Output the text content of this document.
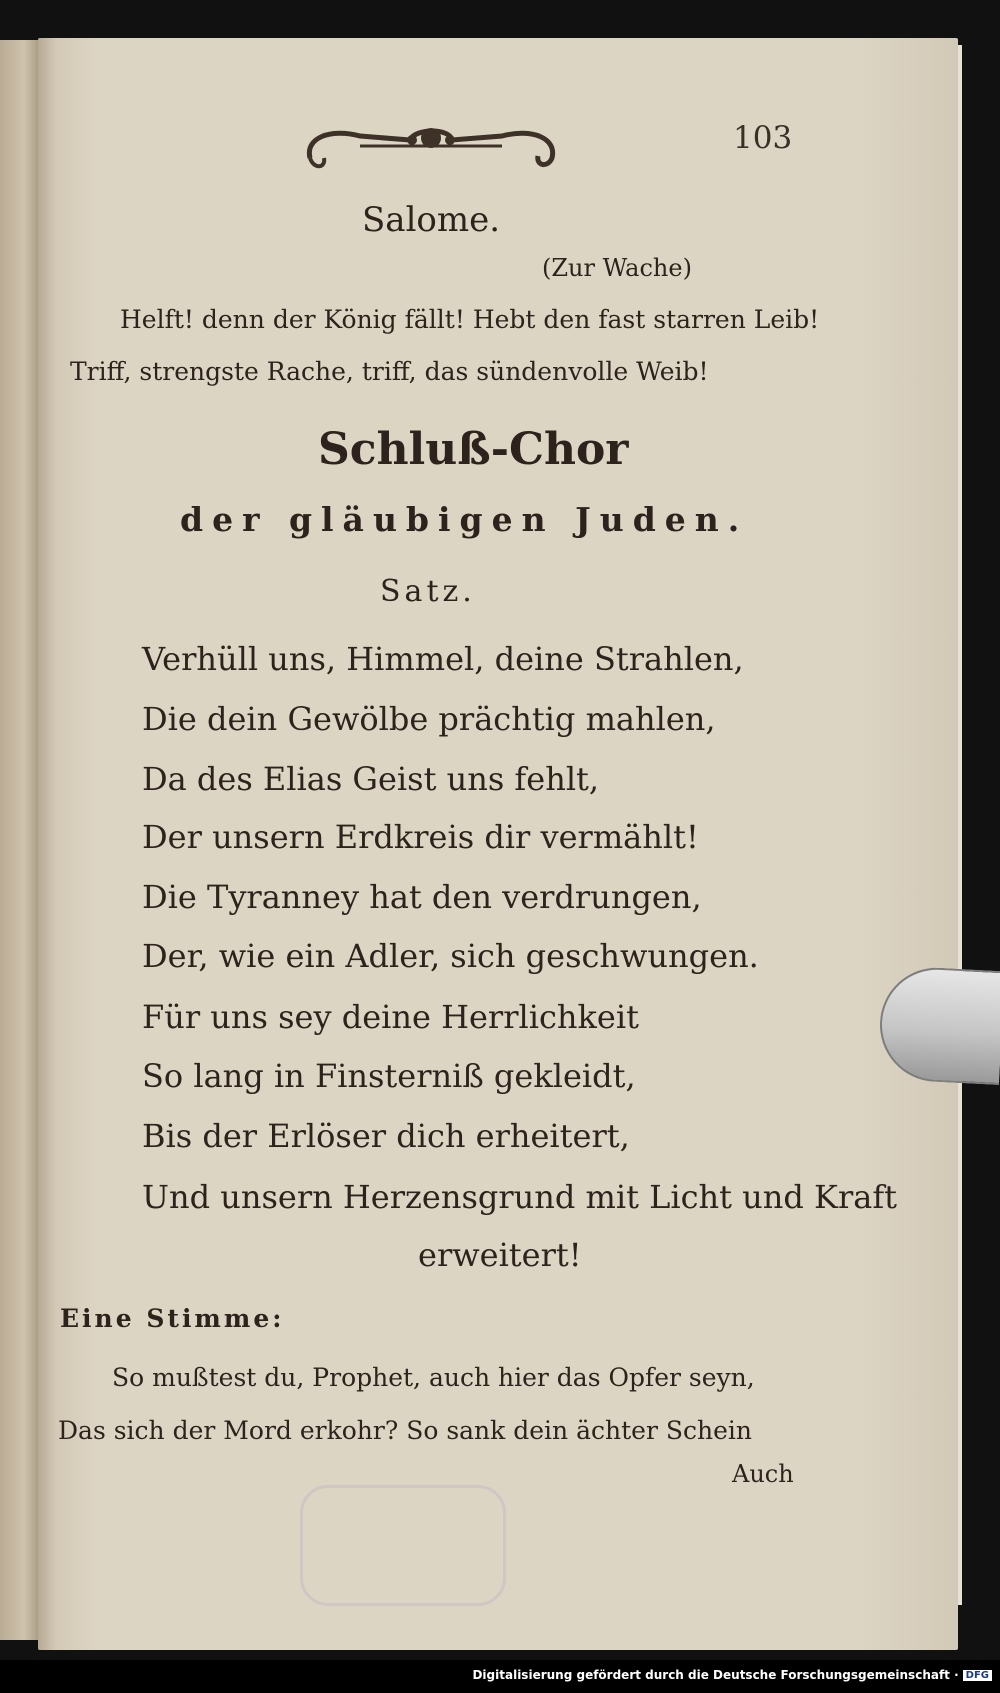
103
Salome.
(Zur Wache)
Helft! denn der König fällt! Hebt den fast starren Leib!
Triff, strengste Rache, triff, das sündenvolle Weib!
Schluß-Chor
der gläubigen Juden.
Satz.
Verhüll uns, Himmel, deine Strahlen,
Die dein Gewölbe prächtig mahlen,
Da des Elias Geist uns fehlt,
Der unsern Erdkreis dir vermählt!
Die Tyranney hat den verdrungen,
Der, wie ein Adler, sich geschwungen.
Für uns sey deine Herrlichkeit
So lang in Finsterniß gekleidt,
Bis der Erlöser dich erheitert,
Und unsern Herzensgrund mit Licht und Kraft
erweitert!
Eine Stimme:
So mußtest du, Prophet, auch hier das Opfer seyn,
Das sich der Mord erkohr? So sank dein ächter Schein
Auch
Digitalisierung gefördert durch die Deutsche Forschungsgemeinschaft · DFG
